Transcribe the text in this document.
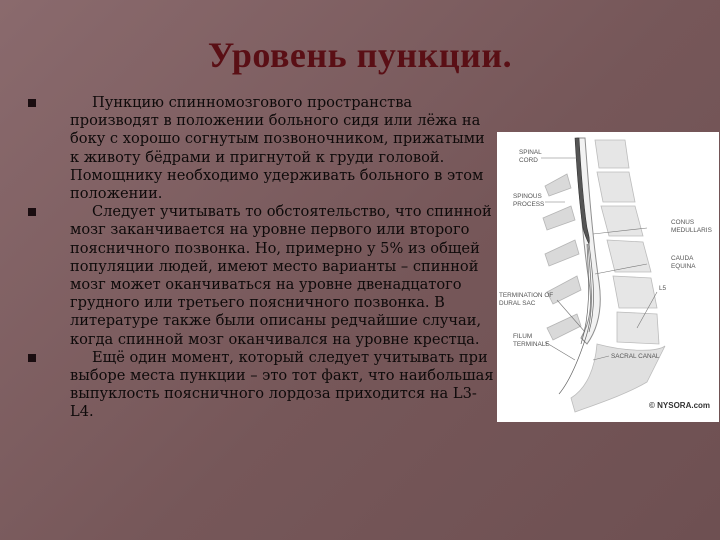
Уровень пункции.
Пункцию спинномозгового пространства производят в положении больного сидя или лёжа на боку с хорошо согнутым позвоночником, прижатыми к животу бёдрами и пригнутой к груди головой. Помощнику необходимо удерживать больного в этом положении.
Следует учитывать то обстоятельство, что спинной мозг заканчивается на уровне первого или второго поясничного позвонка. Но, примерно у 5% из общей популяции людей, имеют место варианты – спинной мозг может оканчиваться на уровне двенадцатого грудного или третьего поясничного позвонка. В литературе также были описаны редчайшие случаи, когда спинной мозг оканчивался на уровне крестца.
Ещё один момент, который следует учитывать при выборе места пункции – это тот факт, что наибольшая выпуклость поясничного лордоза приходится на L3-L4.
SPINAL
CORD
SPINOUS
PROCESS
CONUS
MEDULLARIS
CAUDA
EQUINA
TERMINATION OF
DURAL SAC
L5
FILUM
TERMINALE
SACRAL CANAL
© NYSORA.com
